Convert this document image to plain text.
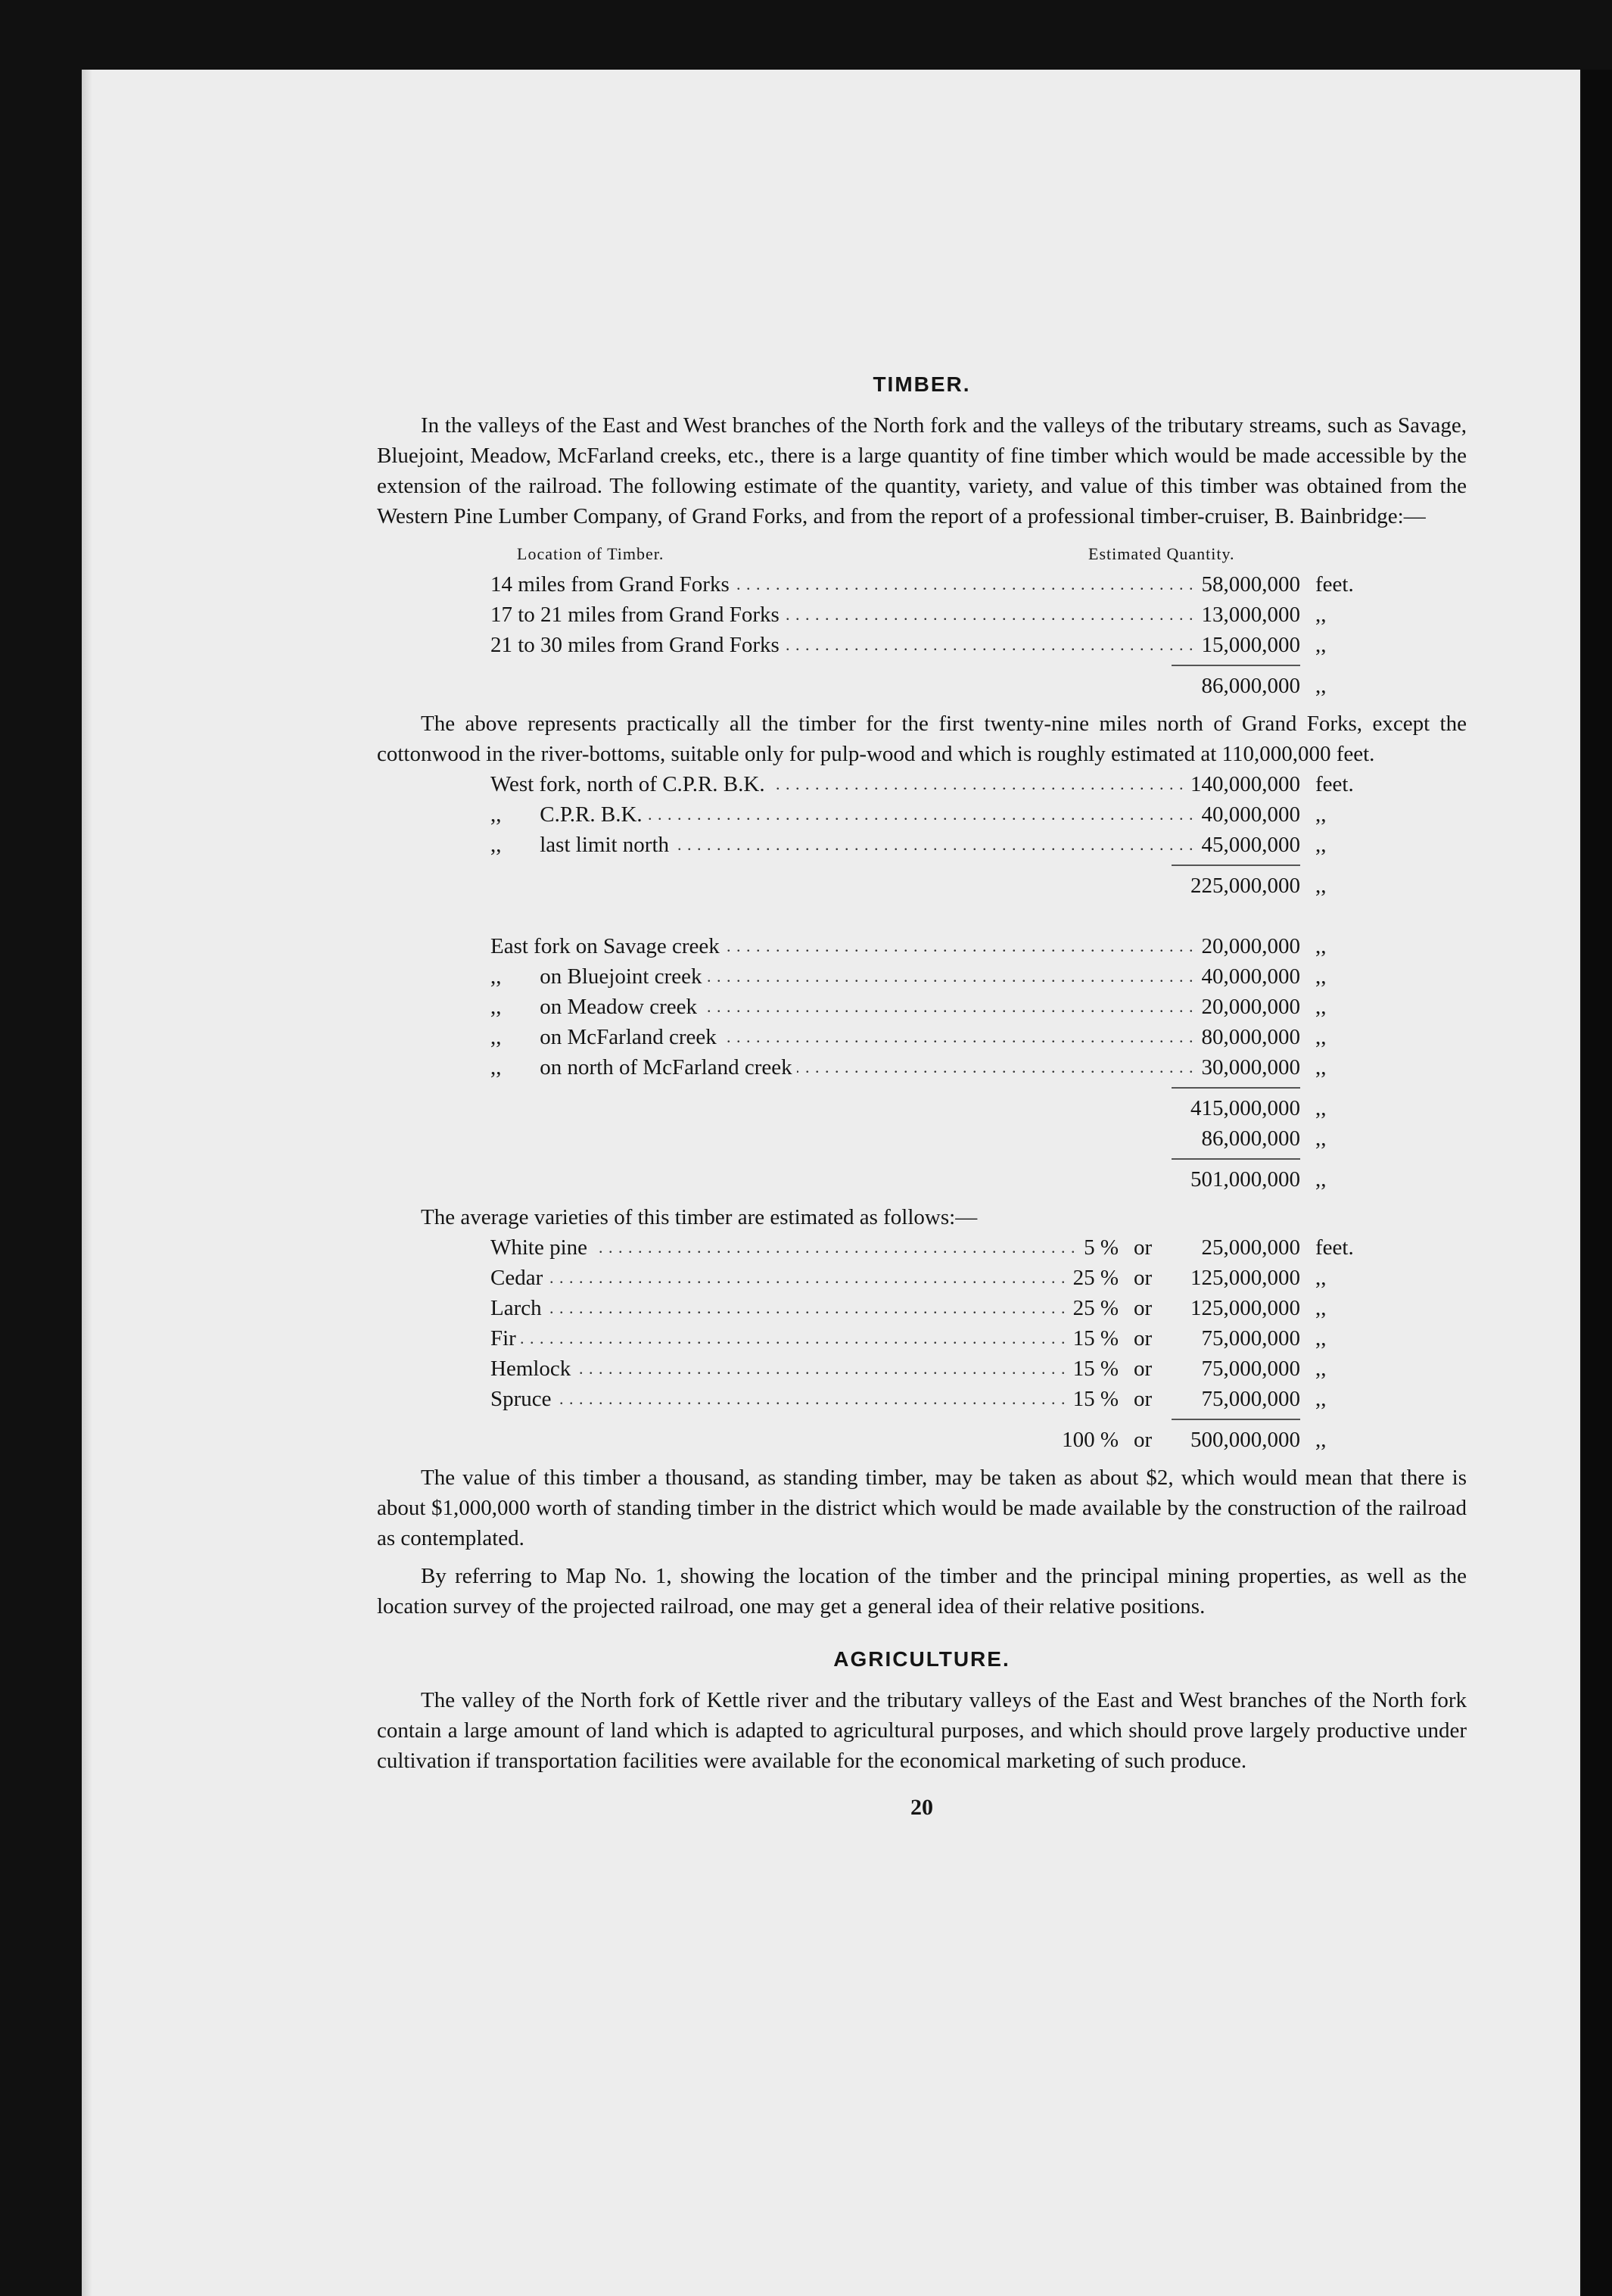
TIMBER.

In the valleys of the East and West branches of the North fork and the valleys of the tributary streams, such as Savage, Bluejoint, Meadow, McFarland creeks, etc., there is a large quantity of fine timber which would be made accessible by the extension of the railroad. The following estimate of the quantity, variety, and value of this timber was obtained from the Western Pine Lumber Company, of Grand Forks, and from the report of a professional timber-cruiser, B. Bainbridge:—

Location of Timber.	Estimated Quantity.
14 miles from Grand Forks . . .	58,000,000 feet.
17 to 21 miles from Grand Forks . . .	13,000,000 ,,
21 to 30 miles from Grand Forks . . .	15,000,000 ,,
86,000,000 ,,

The above represents practically all the timber for the first twenty-nine miles north of Grand Forks, except the cottonwood in the river-bottoms, suitable only for pulp-wood and which is roughly estimated at 110,000,000 feet.

West fork, north of C.P.R. B.K. . . .	140,000,000 feet.
,,       C.P.R. B.K. . . .	40,000,000 ,,
,,       last limit north . . .	45,000,000 ,,
225,000,000 ,,
East fork on Savage creek . . .	20,000,000 ,,
,,       on Bluejoint creek . . .	40,000,000 ,,
,,       on Meadow creek . . .	20,000,000 ,,
,,       on McFarland creek . . .	80,000,000 ,,
,,       on north of McFarland creek . . .	30,000,000 ,,
415,000,000 ,,
86,000,000 ,,
501,000,000 ,,

The average varieties of this timber are estimated as follows:—

White pine . . .	5 % or 25,000,000 feet.
Cedar . . .	25 % or 125,000,000 ,,
Larch . . .	25 % or 125,000,000 ,,
Fir . . .	15 % or 75,000,000 ,,
Hemlock . . .	15 % or 75,000,000 ,,
Spruce . . .	15 % or 75,000,000 ,,
100 % or 500,000,000 ,,

The value of this timber a thousand, as standing timber, may be taken as about $2, which would mean that there is about $1,000,000 worth of standing timber in the district which would be made available by the construction of the railroad as contemplated.

By referring to Map No. 1, showing the location of the timber and the principal mining properties, as well as the location survey of the projected railroad, one may get a general idea of their relative positions.

AGRICULTURE.

The valley of the North fork of Kettle river and the tributary valleys of the East and West branches of the North fork contain a large amount of land which is adapted to agricultural purposes, and which should prove largely productive under cultivation if transportation facilities were available for the economical marketing of such produce.

20
